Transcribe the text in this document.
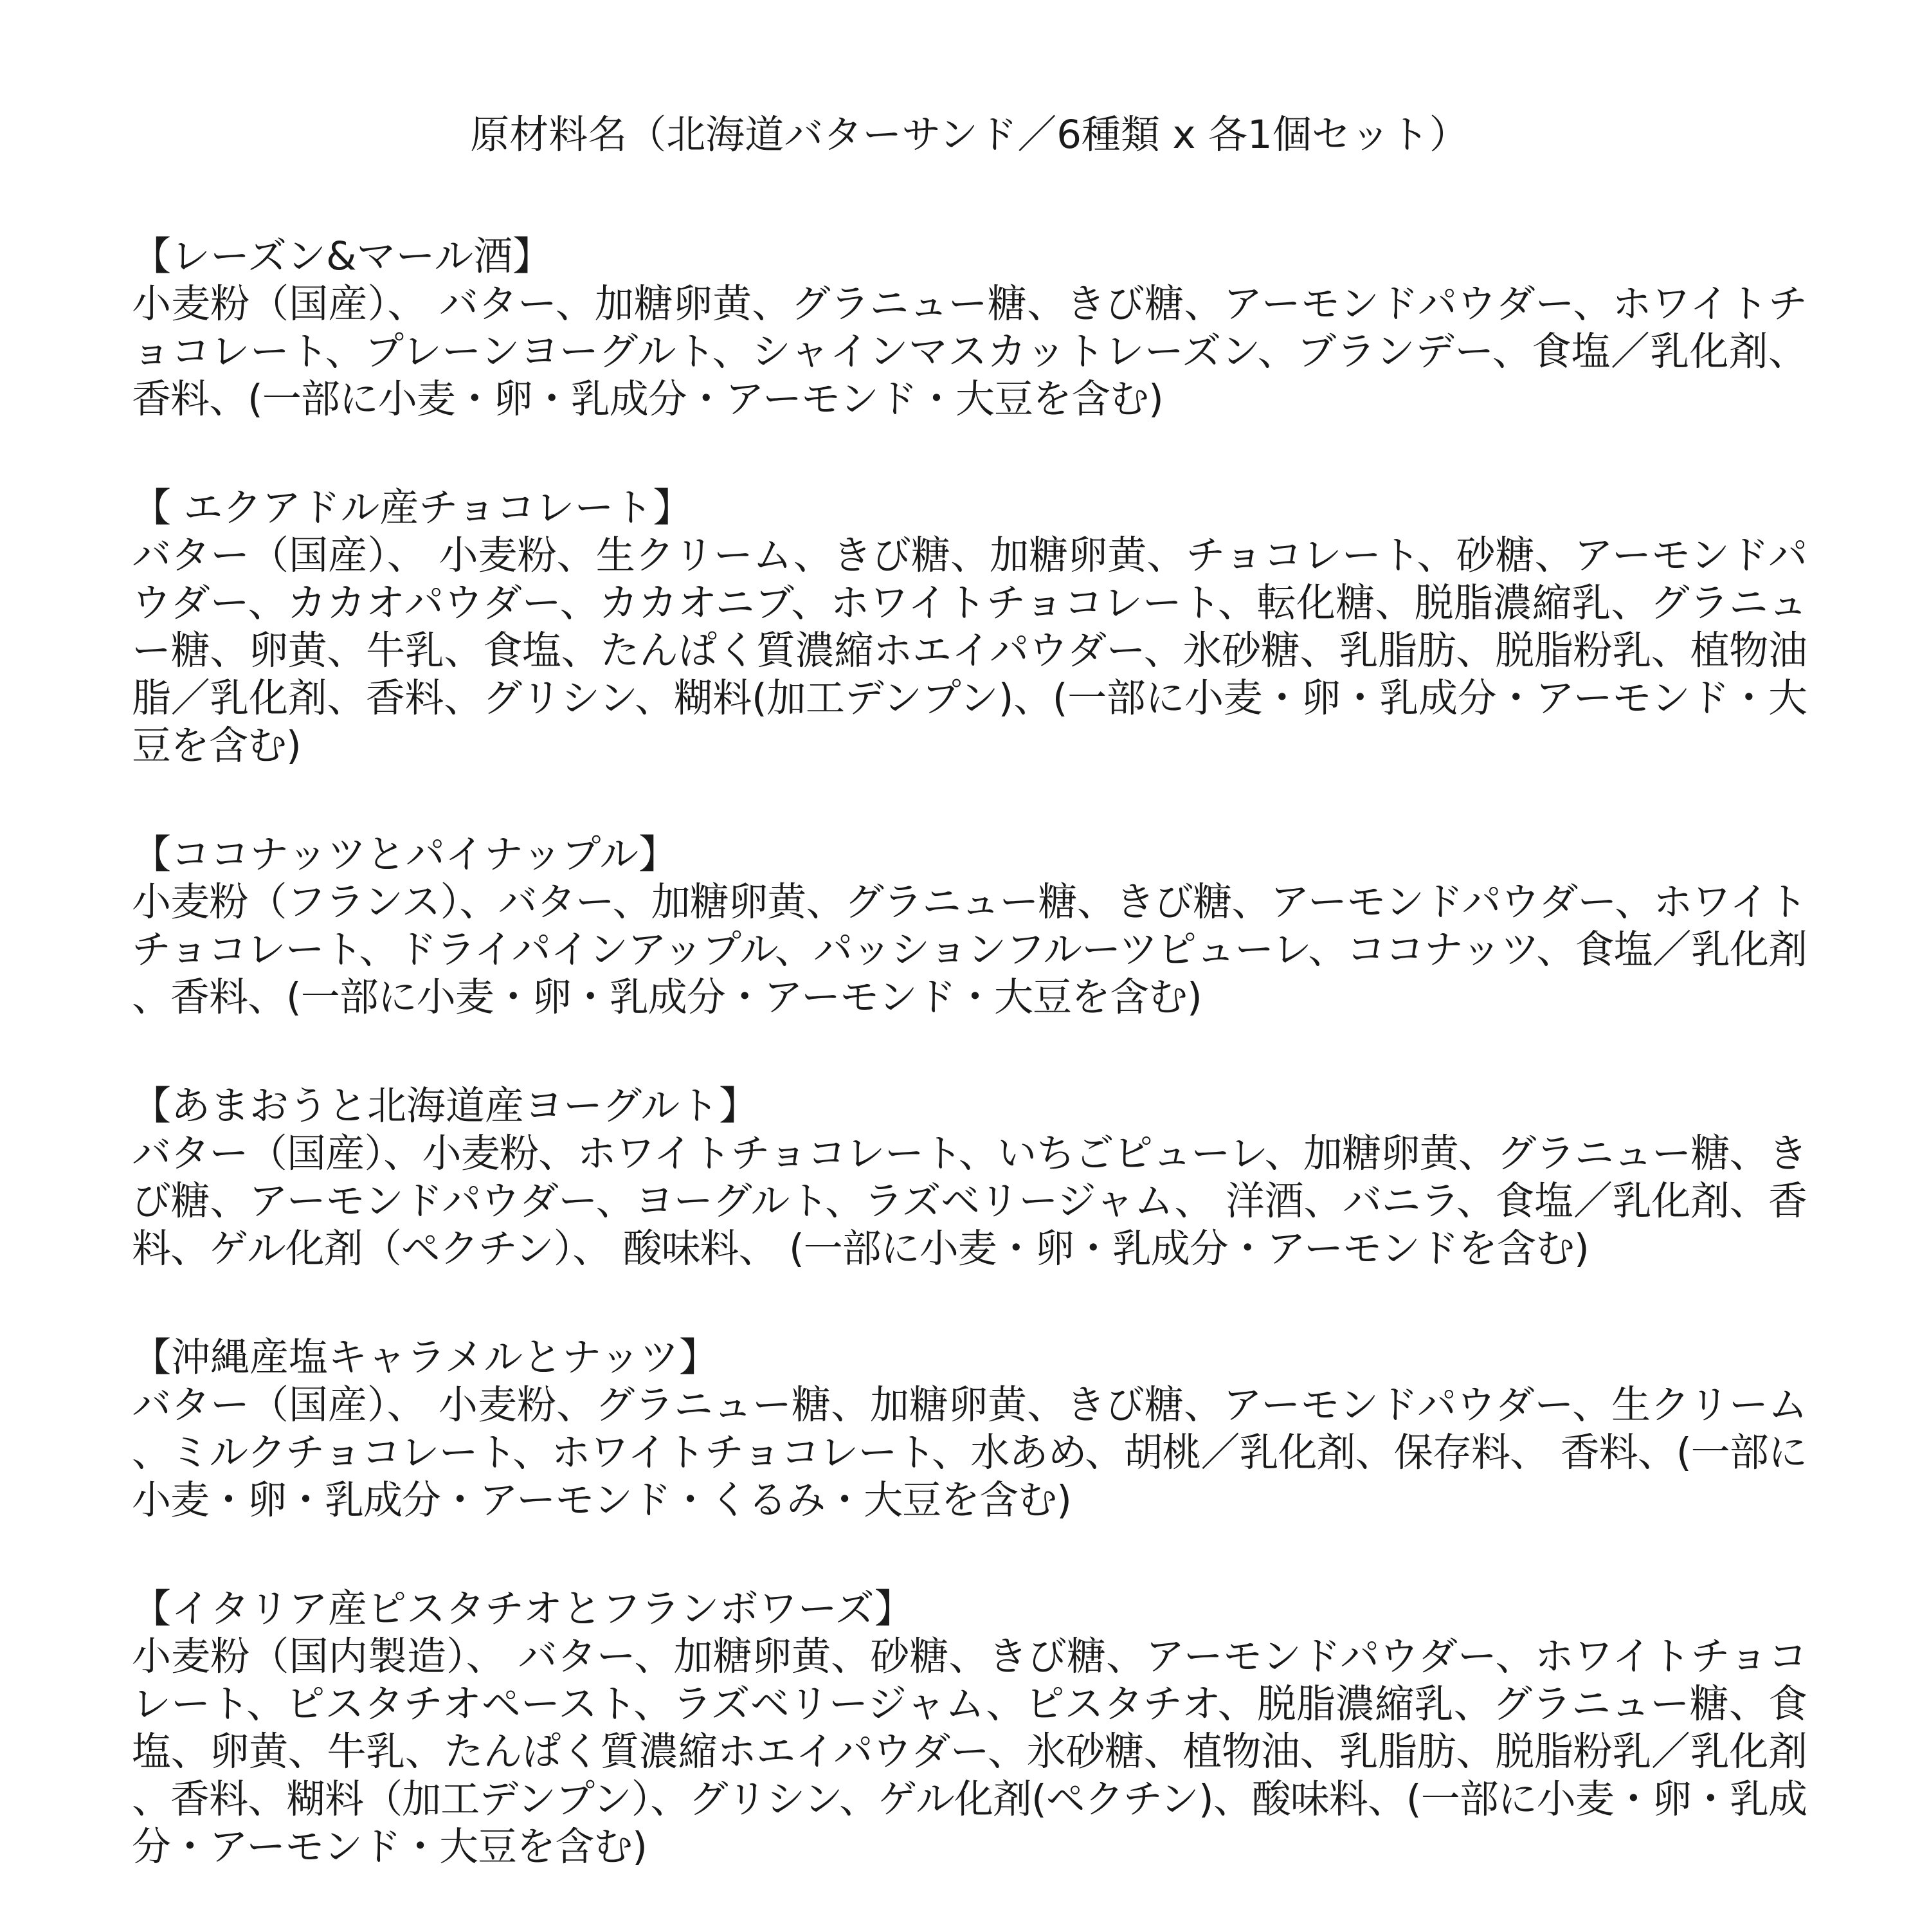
原材料名（北海道バターサンド／6種類 x 各1個セット）

【レーズン&マール酒】

小麦粉（国産）、 バター、加糖卵黄、グラニュー糖、きび糖、アーモンドパウダー、ホワイトチョコレート、プレーンヨーグルト、シャインマスカットレーズン、ブランデー、食塩／乳化剤、香料、(一部に小麦・卵・乳成分・アーモンド・大豆を含む)

【 エクアドル産チョコレート】

バター（国産）、 小麦粉、生クリーム、きび糖、加糖卵黄、チョコレート、砂糖、アーモンドパウダー、カカオパウダー、カカオニブ、ホワイトチョコレート、転化糖、脱脂濃縮乳、グラニュー糖、卵黄、牛乳、食塩、たんぱく質濃縮ホエイパウダー、氷砂糖、乳脂肪、脱脂粉乳、植物油脂／乳化剤、香料、グリシン、糊料(加工デンプン)、(一部に小麦・卵・乳成分・アーモンド・大豆を含む)

【ココナッツとパイナップル】

小麦粉（フランス）、バター、加糖卵黄、グラニュー糖、きび糖、アーモンドパウダー、ホワイトチョコレート、ドライパインアップル、パッションフルーツピューレ、ココナッツ、食塩／乳化剤、香料、(一部に小麦・卵・乳成分・アーモンド・大豆を含む)

【あまおうと北海道産ヨーグルト】

バター（国産）、小麦粉、ホワイトチョコレート、いちごピューレ、加糖卵黄、グラニュー糖、きび糖、アーモンドパウダー、ヨーグルト、ラズベリージャム、 洋酒、バニラ、食塩／乳化剤、香料、ゲル化剤（ペクチン）、 酸味料、 (一部に小麦・卵・乳成分・アーモンドを含む)

【沖縄産塩キャラメルとナッツ】

バター（国産）、 小麦粉、グラニュー糖、加糖卵黄、きび糖、アーモンドパウダー、生クリーム、ミルクチョコレート、ホワイトチョコレート、水あめ、胡桃／乳化剤、保存料、 香料、(一部に小麦・卵・乳成分・アーモンド・くるみ・大豆を含む)

【イタリア産ピスタチオとフランボワーズ】

小麦粉（国内製造）、 バター、加糖卵黄、砂糖、きび糖、アーモンドパウダー、ホワイトチョコレート、ピスタチオペースト、ラズベリージャム、ピスタチオ、脱脂濃縮乳、グラニュー糖、食塩、卵黄、牛乳、たんぱく質濃縮ホエイパウダー、氷砂糖、植物油、乳脂肪、脱脂粉乳／乳化剤、香料、糊料（加工デンプン）、グリシン、ゲル化剤(ペクチン)、酸味料、(一部に小麦・卵・乳成分・アーモンド・大豆を含む)
